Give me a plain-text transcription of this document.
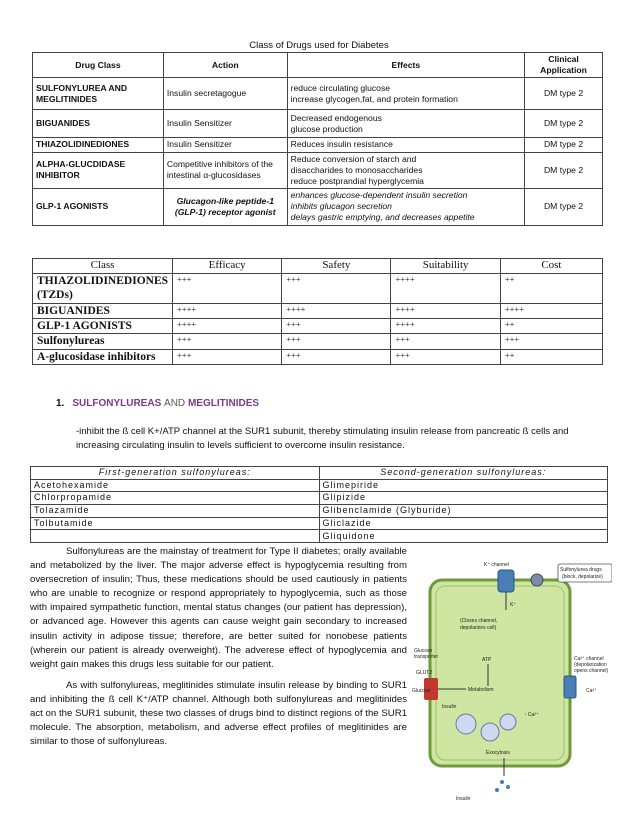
Class of Drugs used for Diabetes
Drug Class	Action	Effects	Clinical Application
SULFONYLUREA AND MEGLITINIDES	Insulin secretagogue	reduce circulating glucose
increase glycogen,fat, and protein formation	DM type 2
BIGUANIDES	Insulin Sensitizer	Decreased endogenous
glucose production	DM type 2
THIAZOLIDINEDIONES	Insulin Sensitizer	Reduces insulin resistance	DM type 2
ALPHA-GLUCDIDASE INHIBITOR	Competitive inhibitors of the intestinal α-glucosidases	Reduce conversion of starch and
disaccharides to monosaccharides
reduce postprandial hyperglycemia	DM type 2
GLP-1 AGONISTS	Glucagon-like peptide-1 (GLP-1) receptor agonist	enhances glucose-dependent insulin secretion
inhibits glucagon secretion
delays gastric emptying, and decreases appetite	DM type 2
Class	Efficacy	Safety	Suitability	Cost
THIAZOLIDINEDIONES (TZDs)	+++	+++	++++	++
BIGUANIDES	++++	++++	++++	++++
GLP-1 AGONISTS	++++	+++	++++	++
Sulfonylureas	+++	+++	+++	+++
A-glucosidase inhibitors	+++	+++	+++	++
1. SULFONYLUREAS AND MEGLITINIDES
-inhibit the ß cell K+/ATP channel at the SUR1 subunit, thereby stimulating insulin release from pancreatic ß cells and increasing circulating insulin to levels sufficient to overcome insulin resistance.
First-generation sulfonylureas:	Second-generation sulfonylureas:
Acetohexamide	Glimepiride
Chlorpropamide	Glipizide
Tolazamide	Glibenclamide (Glyburide)
Tolbutamide	Gliclazide
	Gliquidone

Sulfonylureas are the mainstay of treatment for Type II diabetes; orally available and metabolized by the liver. The major adverse effect is hypoglycemia resulting from oversecretion of insulin; Thus, these medications should be used cautiously in patients who are unable to recognize or respond appropriately to hypoglycemia, such as those with impaired sympathetic function, mental status changes (our patient has depression), or advanced age. However this agents can cause weight gain secondary to increased insulin activity in adipose tissue; therefore, are better suited for nonobese patients (wherein our patient is already overweight). The adverese effect of hypoglycemia and weight gain makes this drugs less suitable for our patient.

As with sulfonylureas, meglitinides stimulate insulin release by binding to SUR1 and inhibiting the ß cell K⁺/ATP channel. Although both sulfonylureas and meglitinides act on the SUR1 subunit, these two classes of drugs bind to distinct regions of the SUR1 molecule. The absorption, metabolism, and adverse effect profiles of meglitinides are similar to those of sulfonylureas.

K⁺ channel
K⁺
Sulfonylurea drugs
(block, depolarize)
(Closes channel,
depolarizes cell)
ATP
Glucose
transporter
GLUT2
Glucose	Metabolism
Ca²⁺ channel
(depolarization
opens channel)
Ca²⁺
↑ Ca²⁺
Insulin
Exocytosis
Insulin
